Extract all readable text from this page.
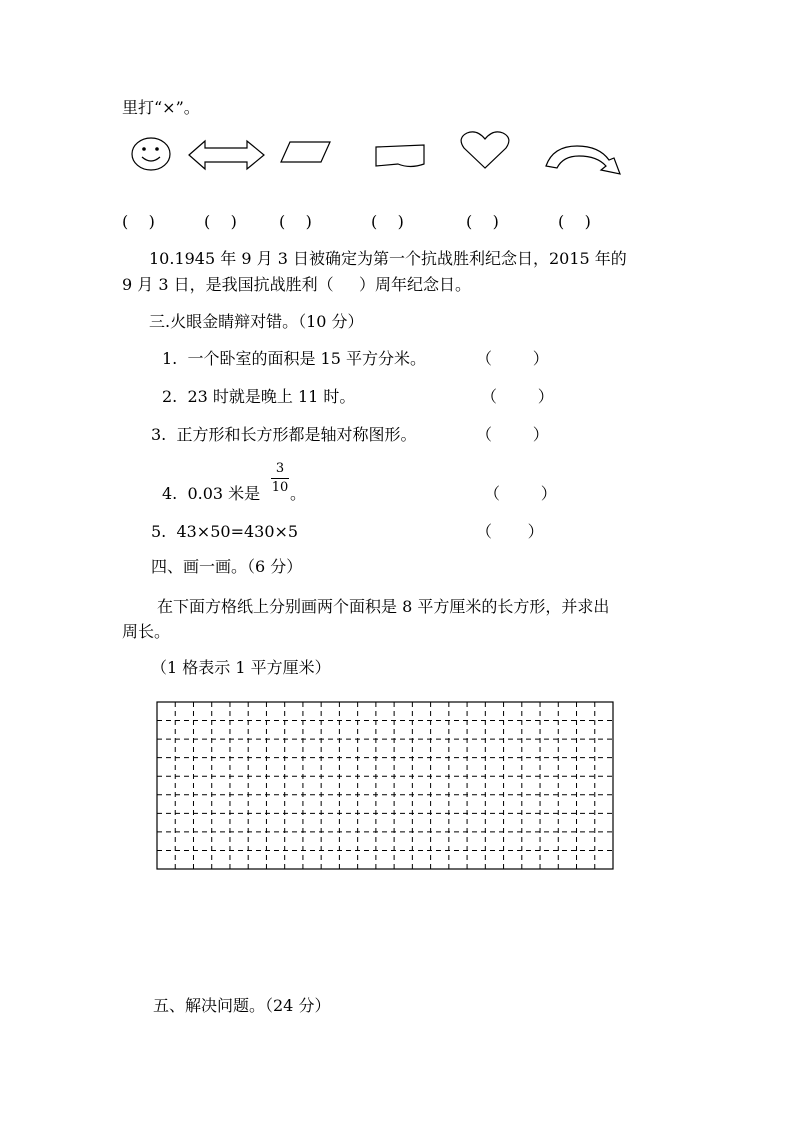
里打“×”。
(    )	(    )	(    )	(    )	(    )	(    )
10.1945 年 9 月 3 日被确定为第一个抗战胜利纪念日，2015 年的
9 月 3 日，是我国抗战胜利（     ）周年纪念日。
三.火眼金睛辩对错。（10 分）
1.  一个卧室的面积是 15 平方分米。	（        ）
2.  23 时就是晚上 11 时。	（        ）
3.  正方形和长方形都是轴对称图形。	（        ）
4.  0.03 米是
3
10 。	（        ）
5.  43×50=430×5	（       ）
四、画一画。（6 分）
在下面方格纸上分别画两个面积是 8 平方厘米的长方形，并求出
周长。
（1 格表示 1 平方厘米）
五、解决问题。（24 分）
